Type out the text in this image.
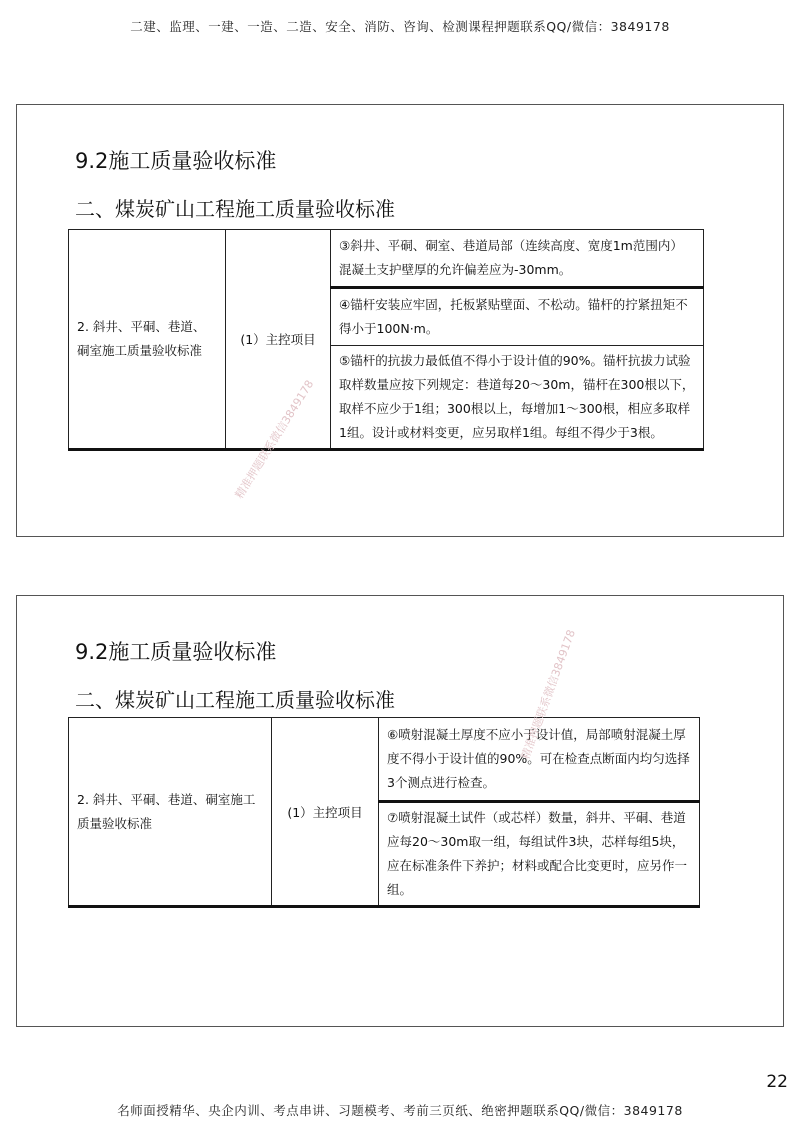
二建、监理、一建、一造、二造、安全、消防、咨询、检测课程押题联系QQ/微信：3849178
9.2施工质量验收标准
二、煤炭矿山工程施工质量验收标准
2. 斜井、平硐、巷道、硐室施工质量验收标准	(1）主控项目	③斜井、平硐、硐室、巷道局部（连续高度、宽度1m范围内）混凝土支护壁厚的允许偏差应为-30mm。
④锚杆安装应牢固，托板紧贴壁面、不松动。锚杆的拧紧扭矩不得小于100N·m。
⑤锚杆的抗拔力最低值不得小于设计值的90%。锚杆抗拔力试验取样数量应按下列规定：巷道每20～30m，锚杆在300根以下，取样不应少于1组；300根以上，每增加1～300根，相应多取样1组。设计或材料变更，应另取样1组。每组不得少于3根。
精准押题联系微信3849178
9.2施工质量验收标准
二、煤炭矿山工程施工质量验收标准
2. 斜井、平硐、巷道、硐室施工质量验收标准	(1）主控项目	⑥喷射混凝土厚度不应小于设计值，局部喷射混凝土厚度不得小于设计值的90%。可在检查点断面内均匀选择3个测点进行检查。
⑦喷射混凝土试件（或芯样）数量，斜井、平硐、巷道应每20～30m取一组，每组试件3块，芯样每组5块，应在标准条件下养护；材料或配合比变更时，应另作一组。
精准押题联系微信3849178
22
名师面授精华、央企内训、考点串讲、习题模考、考前三页纸、绝密押题联系QQ/微信：3849178
